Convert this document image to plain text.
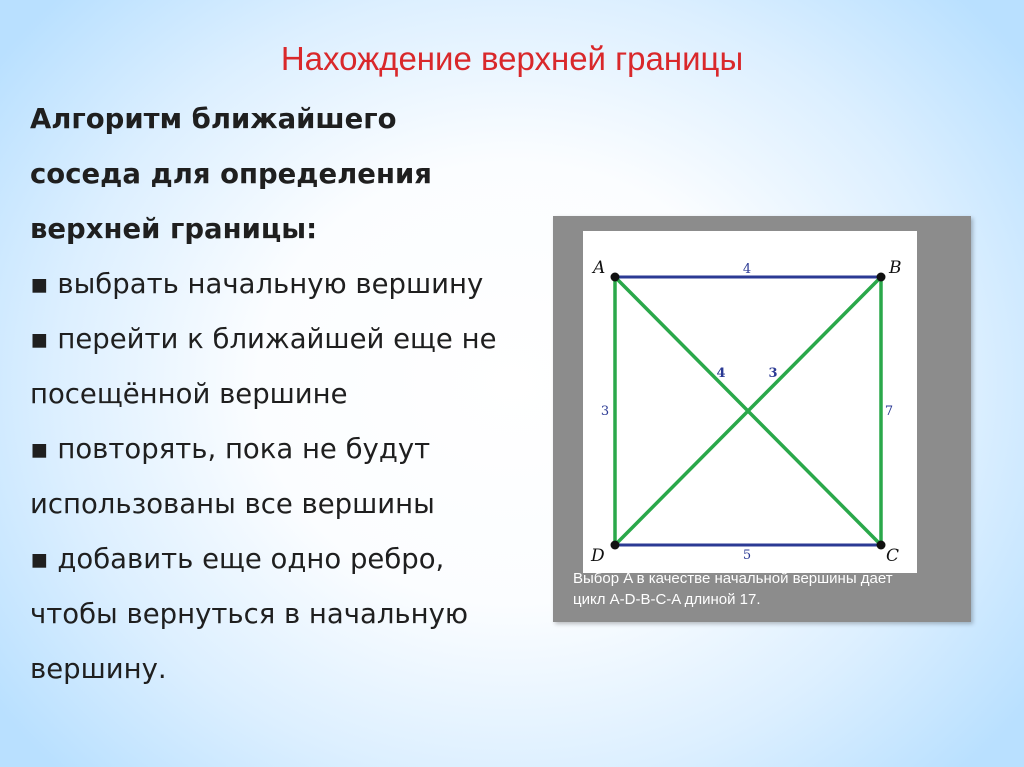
Нахождение верхней границы

Алгоритм ближайшего
соседа для определения
верхней границы:

▪ выбрать начальную вершину

▪ перейти к ближайшей еще не
посещённой вершине

▪ повторять, пока не будут
использованы все вершины

▪ добавить еще одно ребро,
чтобы вернуться в начальную
вершину.

4
5
3	7
4	3
A	B
C
D
Выбор A в качестве начальной вершины дает
цикл A-D-B-C-A длиной 17.
